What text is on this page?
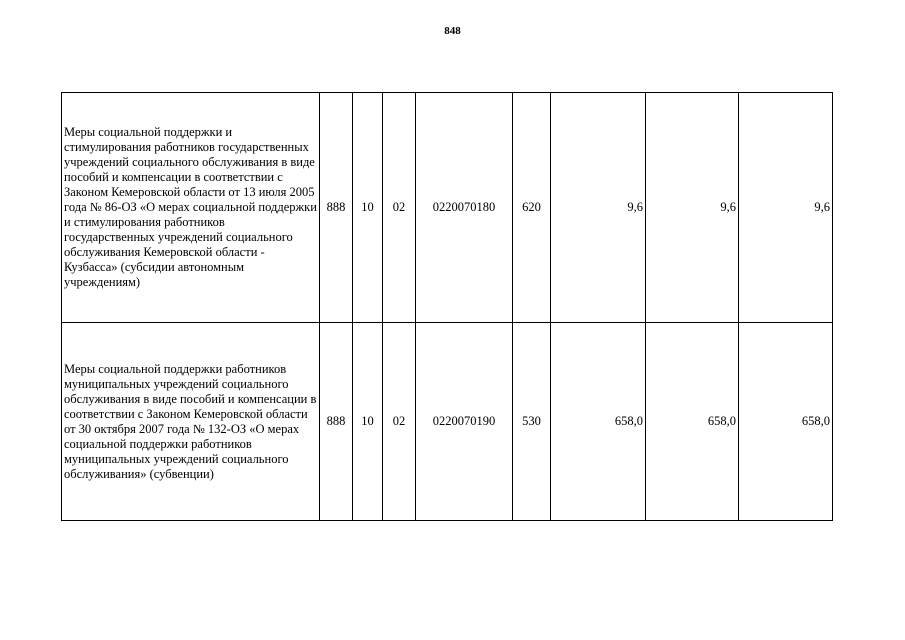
848
Меры социальной поддержки и стимулирования работников государственных учреждений социального обслуживания в виде пособий и компенсации в соответствии с Законом Кемеровской области от 13 июля 2005 года № 86-ОЗ «О мерах социальной поддержки и стимулирования работников государственных учреждений социального обслуживания Кемеровской области - Кузбасса» (субсидии автономным учреждениям)	888	10	02	0220070180	620	9,6	9,6	9,6
Меры социальной поддержки работников муниципальных учреждений социального обслуживания в виде пособий и компенсации в соответствии с Законом Кемеровской области от 30 октября 2007 года № 132-ОЗ «О мерах социальной поддержки работников муниципальных учреждений социального обслуживания» (субвенции)	888	10	02	0220070190	530	658,0	658,0	658,0
